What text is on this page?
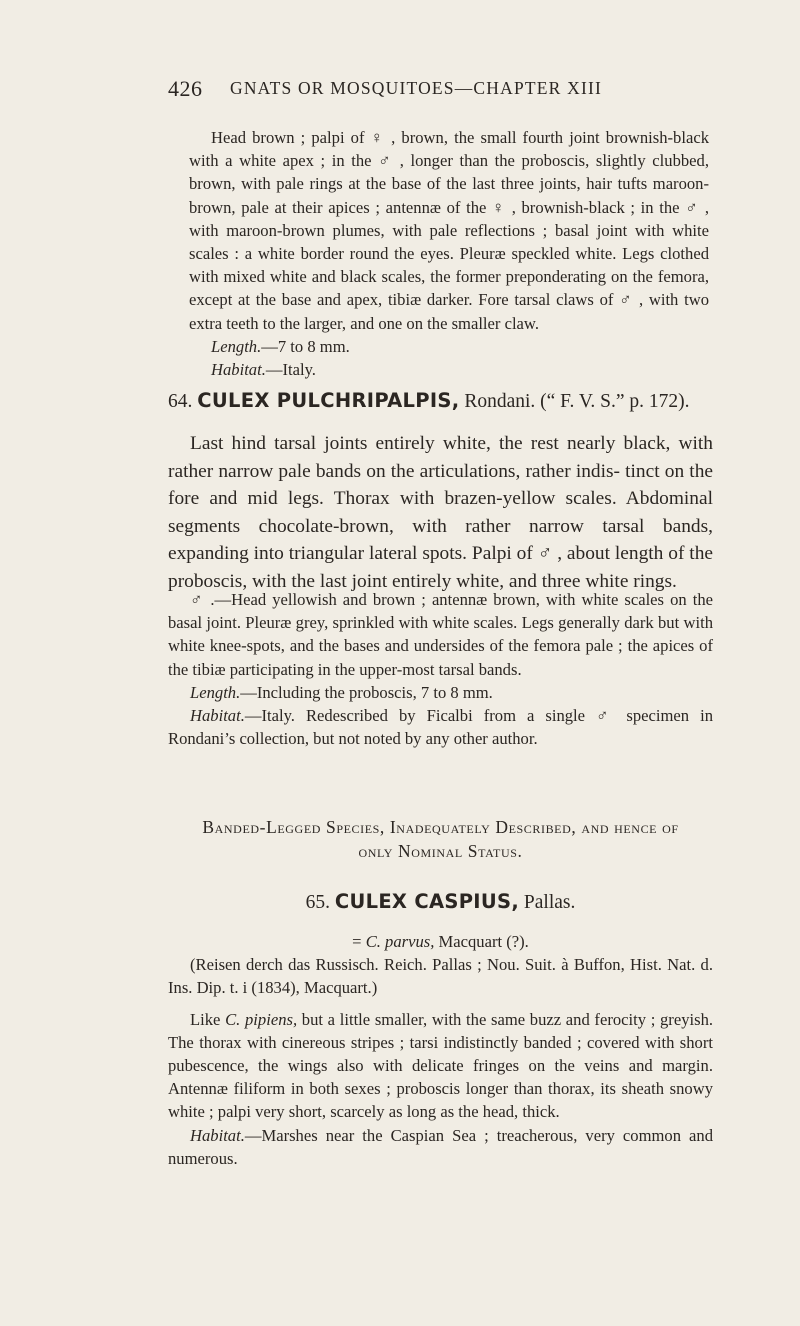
426 GNATS OR MOSQUITOES—CHAPTER XIII

Head brown ; palpi of ♀ , brown, the small fourth joint brownish-black with a white apex ; in the ♂ , longer than the proboscis, slightly clubbed, brown, with pale rings at the base of the last three joints, hair tufts maroon-brown, pale at their apices ; antennæ of the ♀ , brownish-black ; in the ♂ , with maroon-brown plumes, with pale reflections ; basal joint with white scales : a white border round the eyes. Pleuræ speckled white. Legs clothed with mixed white and black scales, the former preponderating on the femora, except at the base and apex, tibiæ darker. Fore tarsal claws of ♂ , with two extra teeth to the larger, and one on the smaller claw.

Length.—7 to 8 mm.

Habitat.—Italy.

64. CULEX PULCHRIPALPIS, Rondani. (“ F. V. S.” p. 172).

Last hind tarsal joints entirely white, the rest nearly black, with rather narrow pale bands on the articulations, rather indis- tinct on the fore and mid legs. Thorax with brazen-yellow scales. Abdominal segments chocolate-brown, with rather narrow tarsal bands, expanding into triangular lateral spots. Palpi of ♂ , about length of the proboscis, with the last joint entirely white, and three white rings.

♂ .—Head yellowish and brown ; antennæ brown, with white scales on the basal joint. Pleuræ grey, sprinkled with white scales. Legs generally dark but with white knee-spots, and the bases and undersides of the femora pale ; the apices of the tibiæ participating in the upper-most tarsal bands.

Length.—Including the proboscis, 7 to 8 mm.

Habitat.—Italy. Redescribed by Ficalbi from a single ♂ specimen in Rondani’s collection, but not noted by any other author.

Banded-Legged Species, Inadequately Described, and hence of

only Nominal Status.

65. CULEX CASPIUS, Pallas.

= C. parvus, Macquart (?).

(Reisen derch das Russisch. Reich. Pallas ; Nou. Suit. à Buffon, Hist. Nat. d. Ins. Dip. t. i (1834), Macquart.)

Like C. pipiens, but a little smaller, with the same buzz and ferocity ; greyish. The thorax with cinereous stripes ; tarsi indistinctly banded ; covered with short pubescence, the wings also with delicate fringes on the veins and margin. Antennæ filiform in both sexes ; proboscis longer than thorax, its sheath snowy white ; palpi very short, scarcely as long as the head, thick.

Habitat.—Marshes near the Caspian Sea ; treacherous, very common and numerous.
